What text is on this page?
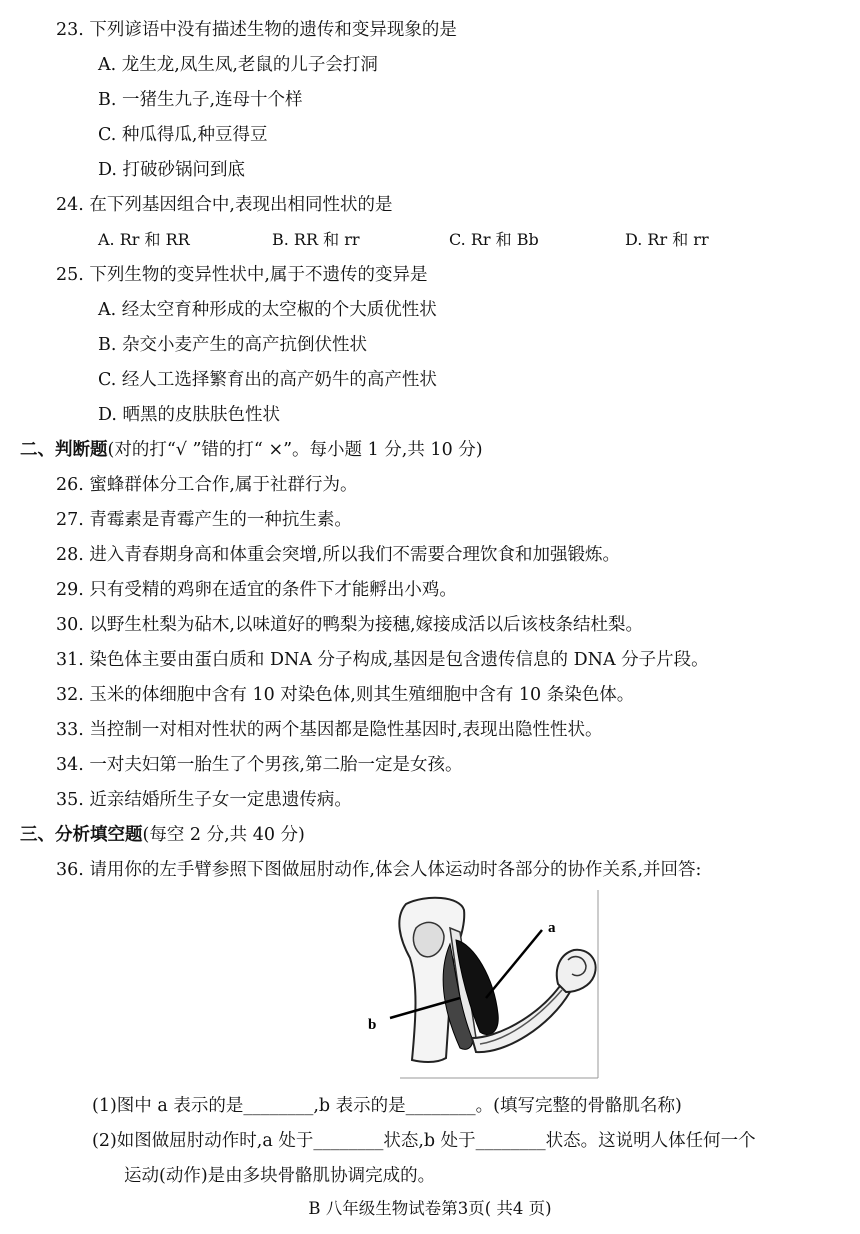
23. 下列谚语中没有描述生物的遗传和变异现象的是
A. 龙生龙,凤生凤,老鼠的儿子会打洞
B. 一猪生九子,连母十个样
C. 种瓜得瓜,种豆得豆
D. 打破砂锅问到底
24. 在下列基因组合中,表现出相同性状的是
A. Rr 和 RR	B. RR 和 rr	C. Rr 和 Bb	D. Rr 和 rr
25. 下列生物的变异性状中,属于不遗传的变异是
A. 经太空育种形成的太空椒的个大质优性状
B. 杂交小麦产生的高产抗倒伏性状
C. 经人工选择繁育出的高产奶牛的高产性状
D. 晒黑的皮肤肤色性状
二、判断题(对的打“√ ”错的打“ ×”。每小题 1 分,共 10 分)
26. 蜜蜂群体分工合作,属于社群行为。
27. 青霉素是青霉产生的一种抗生素。
28. 进入青春期身高和体重会突增,所以我们不需要合理饮食和加强锻炼。
29. 只有受精的鸡卵在适宜的条件下才能孵出小鸡。
30. 以野生杜梨为砧木,以味道好的鸭梨为接穗,嫁接成活以后该枝条结杜梨。
31. 染色体主要由蛋白质和 DNA 分子构成,基因是包含遗传信息的 DNA 分子片段。
32. 玉米的体细胞中含有 10 对染色体,则其生殖细胞中含有 10 条染色体。
33. 当控制一对相对性状的两个基因都是隐性基因时,表现出隐性性状。
34. 一对夫妇第一胎生了个男孩,第二胎一定是女孩。
35. 近亲结婚所生子女一定患遗传病。
三、分析填空题(每空 2 分,共 40 分)
36. 请用你的左手臂参照下图做屈肘动作,体会人体运动时各部分的协作关系,并回答:
a
b
(1)图中 a 表示的是________,b 表示的是________。(填写完整的骨骼肌名称)
(2)如图做屈肘动作时,a 处于________状态,b 处于________状态。这说明人体任何一个
运动(动作)是由多块骨骼肌协调完成的。
B 八年级生物试卷第3页( 共4 页)
